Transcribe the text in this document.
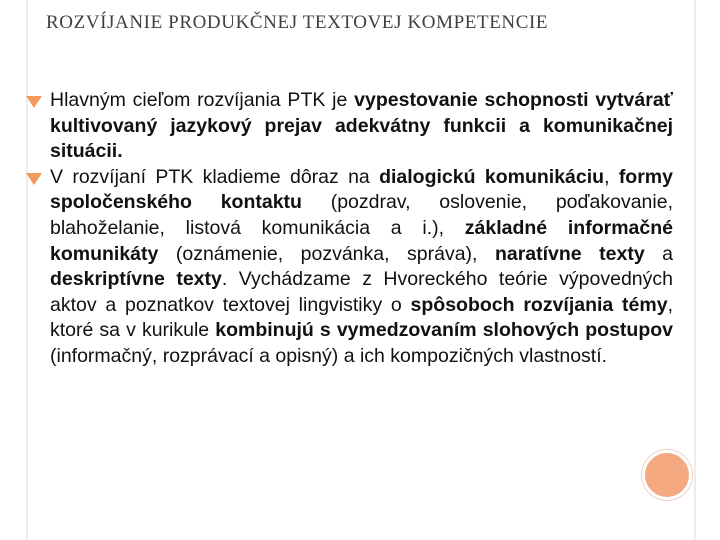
ROZVÍJANIE PRODUKČNEJ TEXTOVEJ KOMPETENCIE

Hlavným cieľom rozvíjania PTK je vypestovanie schopnosti vytvárať kultivovaný jazykový prejav adekvátny funkcii a komunikačnej situácii.

V rozvíjaní PTK kladieme dôraz na dialogickú komunikáciu, formy spoločenského kontaktu (pozdrav, oslovenie, poďakovanie, blahoželanie, listová komunikácia a i.), základné informačné komunikáty (oznámenie, pozvánka, správa), naratívne texty a deskriptívne texty. Vychádzame z Hvoreckého teórie výpovedných aktov a poznatkov textovej lingvistiky o spôsoboch rozvíjania témy, ktoré sa v kurikule kombinujú s vymedzovaním slohových postupov (informačný, rozprávací a opisný) a ich kompozičných vlastností.
